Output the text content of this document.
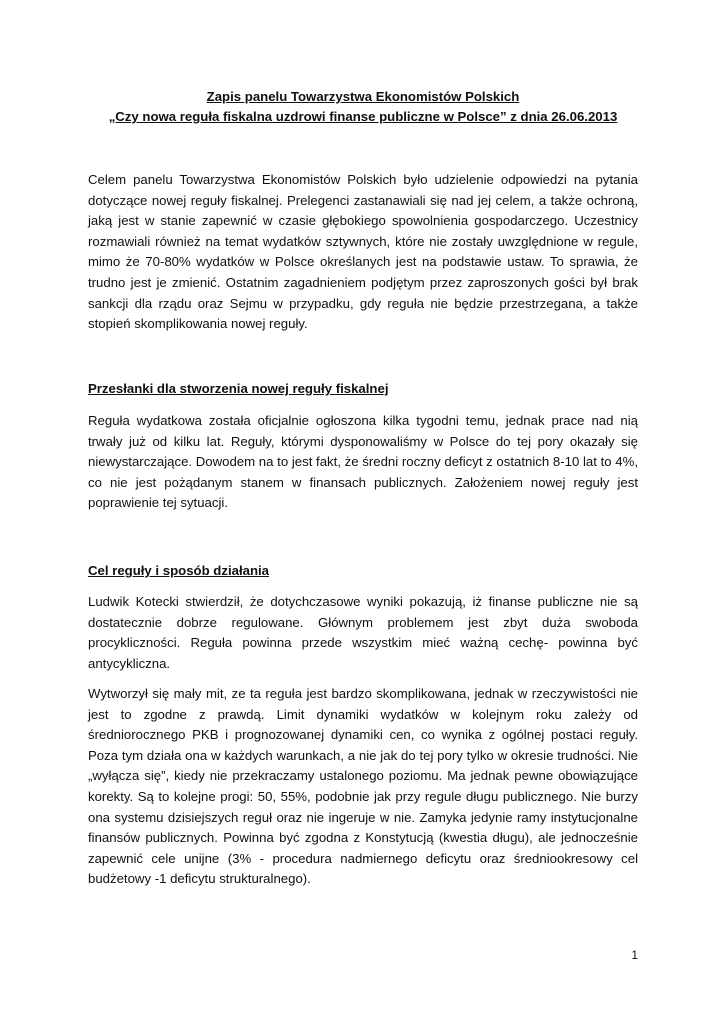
Zapis panelu Towarzystwa Ekonomistów Polskich
„Czy nowa reguła fiskalna uzdrowi finanse publiczne w Polsce” z dnia 26.06.2013

Celem panelu Towarzystwa Ekonomistów Polskich było udzielenie odpowiedzi na pytania dotyczące nowej reguły fiskalnej. Prelegenci zastanawiali się nad jej celem, a także ochroną, jaką jest w stanie zapewnić w czasie głębokiego spowolnienia gospodarczego. Uczestnicy rozmawiali również na temat wydatków sztywnych, które nie zostały uwzględnione w regule, mimo że 70-80% wydatków w Polsce określanych jest na podstawie ustaw. To sprawia, że trudno jest je zmienić. Ostatnim zagadnieniem podjętym przez zaproszonych gości był brak sankcji dla rządu oraz Sejmu w przypadku, gdy reguła nie będzie przestrzegana, a także stopień skomplikowania nowej reguły.

Przesłanki dla stworzenia nowej reguły fiskalnej

Reguła wydatkowa została oficjalnie ogłoszona kilka tygodni temu, jednak prace nad nią trwały już od kilku lat. Reguły, którymi dysponowaliśmy w Polsce do tej pory okazały się niewystarczające. Dowodem na to jest fakt, że średni roczny deficyt z ostatnich 8-10 lat to 4%, co nie jest pożądanym stanem w finansach publicznych. Założeniem nowej reguły jest poprawienie tej sytuacji.

Cel reguły i sposób działania

Ludwik Kotecki stwierdził, że dotychczasowe wyniki pokazują, iż finanse publiczne nie są dostatecznie dobrze regulowane. Głównym problemem jest zbyt duża swoboda procykliczności. Reguła powinna przede wszystkim mieć ważną cechę- powinna być antycykliczna.

Wytworzył się mały mit, ze ta reguła jest bardzo skomplikowana, jednak w rzeczywistości nie jest to zgodne z prawdą. Limit dynamiki wydatków w kolejnym roku zależy od średniorocznego PKB i prognozowanej dynamiki cen, co wynika z ogólnej postaci reguły. Poza tym działa ona w każdych warunkach, a nie jak do tej pory tylko w okresie trudności. Nie „wyłącza się”, kiedy nie przekraczamy ustalonego poziomu. Ma jednak pewne obowiązujące korekty. Są to kolejne progi: 50, 55%, podobnie jak przy regule długu publicznego. Nie burzy ona systemu dzisiejszych reguł oraz nie ingeruje w nie. Zamyka jedynie ramy instytucjonalne finansów publicznych. Powinna być zgodna z Konstytucją (kwestia długu), ale jednocześnie zapewnić cele unijne (3% - procedura nadmiernego deficytu oraz średniookresowy cel budżetowy -1 deficytu strukturalnego).

1
